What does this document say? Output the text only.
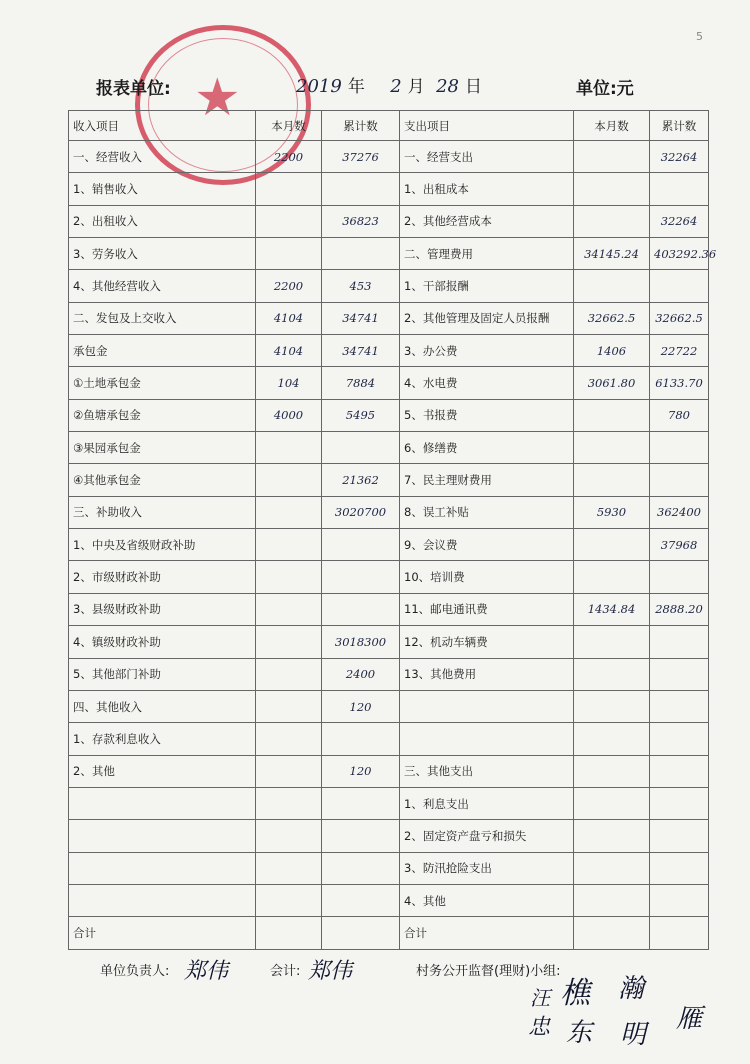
5
★
报表单位:	2019 年 2 月 28 日	单位:元
收入项目	本月数	累计数	支出项目	本月数	累计数
一、经营收入	2200	37276	一、经营支出		32264
1、销售收入			1、出租成本		
2、出租收入		36823	2、其他经营成本		32264
3、劳务收入			二、管理费用	34145.24	403292.36
4、其他经营收入	2200	453	1、干部报酬		
二、发包及上交收入	4104	34741	2、其他管理及固定人员报酬	32662.5	32662.5
承包金	4104	34741	3、办公费	1406	22722
①土地承包金	104	7884	4、水电费	3061.80	6133.70
②鱼塘承包金	4000	5495	5、书报费		780
③果园承包金			6、修缮费		
④其他承包金		21362	7、民主理财费用		
三、补助收入		3020700	8、误工补贴	5930	362400
1、中央及省级财政补助			9、会议费		37968
2、市级财政补助			10、培训费		
3、县级财政补助			11、邮电通讯费	1434.84	2888.20
4、镇级财政补助		3018300	12、机动车辆费		
5、其他部门补助		2400	13、其他费用		
四、其他收入		120			
1、存款利息收入					
2、其他		120	三、其他支出		
			1、利息支出		
			2、固定资产盘亏和损失		
			3、防汛抢险支出		
			4、其他		
合计			合计		
单位负责人: 郑伟	会计: 郑伟	村务公开监督(理财)小组:
汪 樵 瀚
忠 东 明
雁
